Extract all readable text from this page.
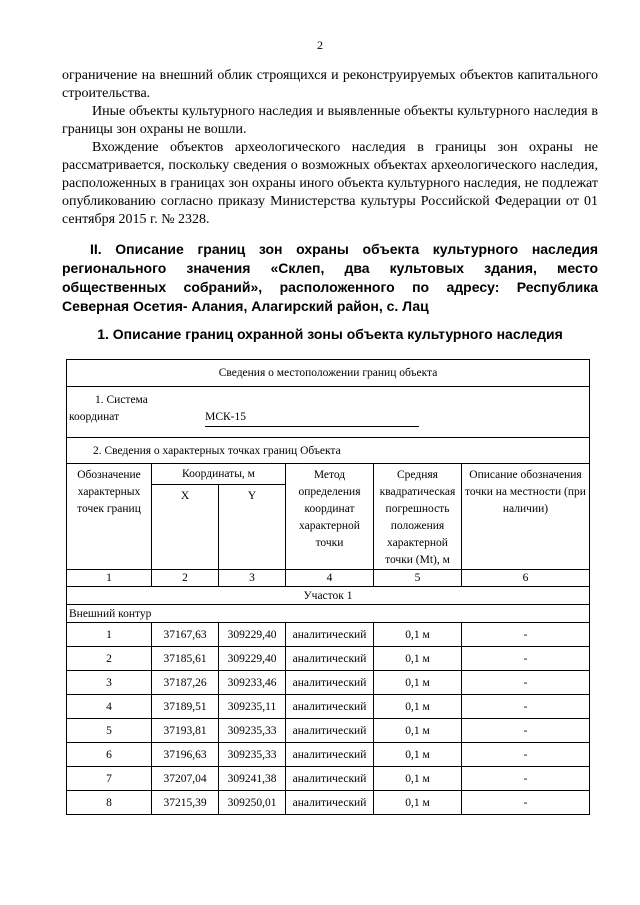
2

ограничение на внешний облик строящихся и реконструируемых объектов капитального строительства.

Иные объекты культурного наследия и выявленные объекты культурного наследия в границы зон охраны не вошли.

Вхождение объектов археологического наследия в границы зон охраны не рассматривается, поскольку сведения о возможных объектах археологического наследия, расположенных в границах зон охраны иного объекта культурного наследия, не подлежат опубликованию согласно приказу Министерства культуры Российской Федерации от 01 сентября 2015 г. № 2328.

II. Описание границ зон охраны объекта культурного наследия регионального значения «Склеп, два культовых здания, место общественных собраний», расположенного по адресу: Республика Северная Осетия- Алания, Алагирский район, с. Лац
1. Описание границ охранной зоны объекта культурного наследия
Сведения о местоположении границ объекта					

1. Система
координат МСК-15					

2. Сведения о характерных точках границ Объекта					
Обозначение характерных точек границ	Координаты, м		Метод определения координат характерной точки	Средняя квадратическая погрешность положения характерной точки (Mt), м	Описание обозначения точки на местности (при наличии)
	X	Y			
1	2	3	4	5	6
Участок 1					
Внешний контур					
1	37167,63	309229,40	аналитический	0,1 м	-
2	37185,61	309229,40	аналитический	0,1 м	-
3	37187,26	309233,46	аналитический	0,1 м	-
4	37189,51	309235,11	аналитический	0,1 м	-
5	37193,81	309235,33	аналитический	0,1 м	-
6	37196,63	309235,33	аналитический	0,1 м	-
7	37207,04	309241,38	аналитический	0,1 м	-
8	37215,39	309250,01	аналитический	0,1 м	-
